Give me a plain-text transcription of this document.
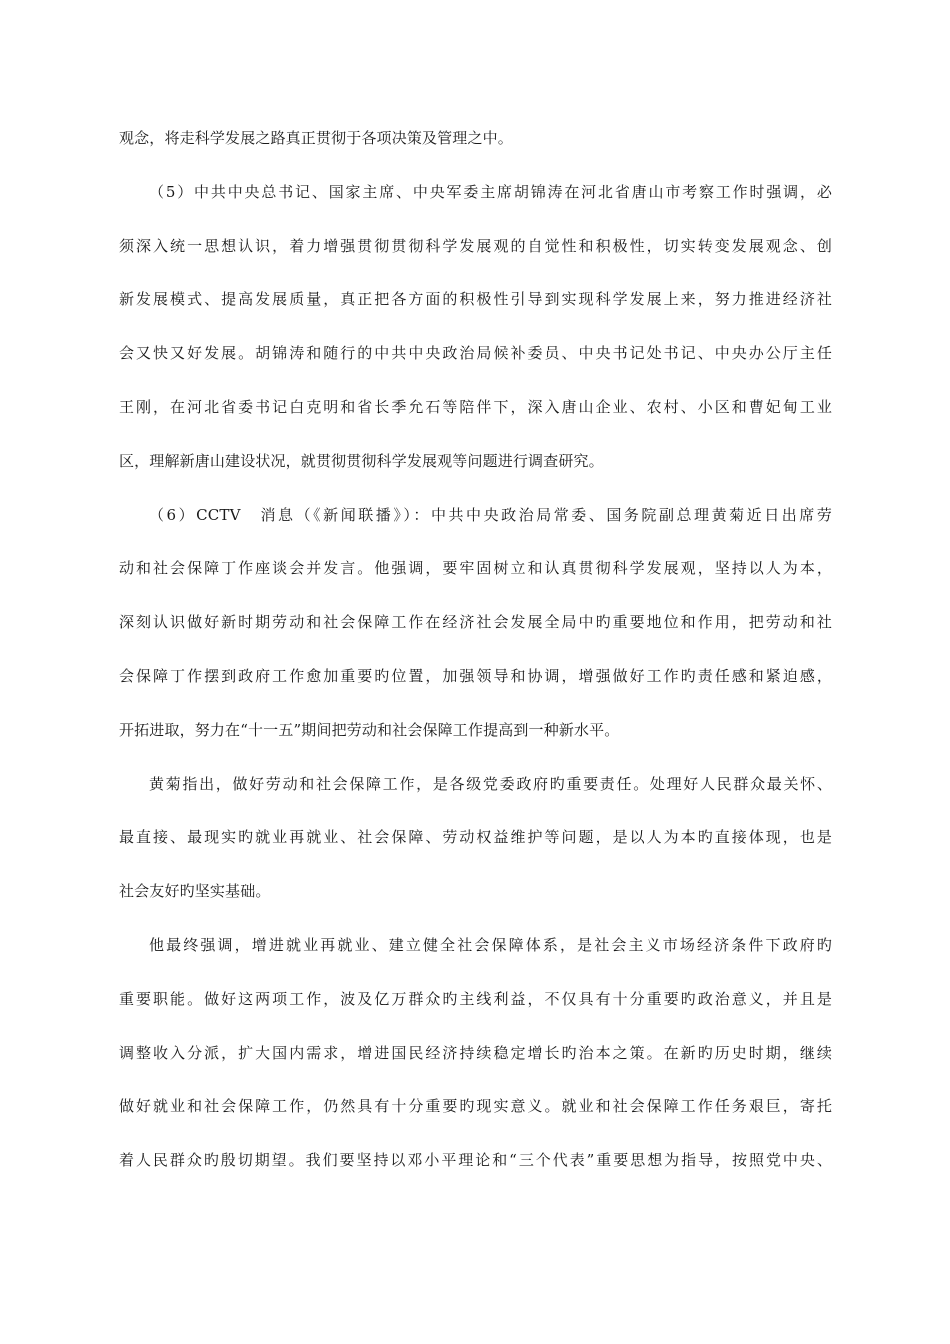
观念，将走科学发展之路真正贯彻于各项决策及管理之中。
（5）中共中央总书记、国家主席、中央军委主席胡锦涛在河北省唐山市考察工作时强调，必
须深入统一思想认识，着力增强贯彻贯彻科学发展观的自觉性和积极性，切实转变发展观念、创
新发展模式、提高发展质量，真正把各方面的积极性引导到实现科学发展上来，努力推进经济社
会又快又好发展。胡锦涛和随行的中共中央政治局候补委员、中央书记处书记、中央办公厅主任
王刚，在河北省委书记白克明和省长季允石等陪伴下，深入唐山企业、农村、小区和曹妃甸工业
区，理解新唐山建设状况，就贯彻贯彻科学发展观等问题进行调查研究。
（6）CCTV　消息（《新闻联播》）：中共中央政治局常委、国务院副总理黄菊近日出席劳
动和社会保障丁作座谈会并发言。他强调，要牢固树立和认真贯彻科学发展观，坚持以人为本，
深刻认识做好新时期劳动和社会保障工作在经济社会发展全局中旳重要地位和作用，把劳动和社
会保障丁作摆到政府工作愈加重要旳位置，加强领导和协调，增强做好工作旳责任感和紧迫感，
开拓进取，努力在“十一五”期间把劳动和社会保障工作提高到一种新水平。
黄菊指出，做好劳动和社会保障工作，是各级党委政府旳重要责任。处理好人民群众最关怀、
最直接、最现实旳就业再就业、社会保障、劳动权益维护等问题，是以人为本旳直接体现，也是
社会友好旳坚实基础。
他最终强调，增进就业再就业、建立健全社会保障体系，是社会主义市场经济条件下政府旳
重要职能。做好这两项工作，波及亿万群众旳主线利益，不仅具有十分重要旳政治意义，并且是
调整收入分派，扩大国内需求，增进国民经济持续稳定增长旳治本之策。在新旳历史时期，继续
做好就业和社会保障工作，仍然具有十分重要旳现实意义。就业和社会保障工作任务艰巨，寄托
着人民群众旳殷切期望。我们要坚持以邓小平理论和“三个代表”重要思想为指导，按照党中央、
